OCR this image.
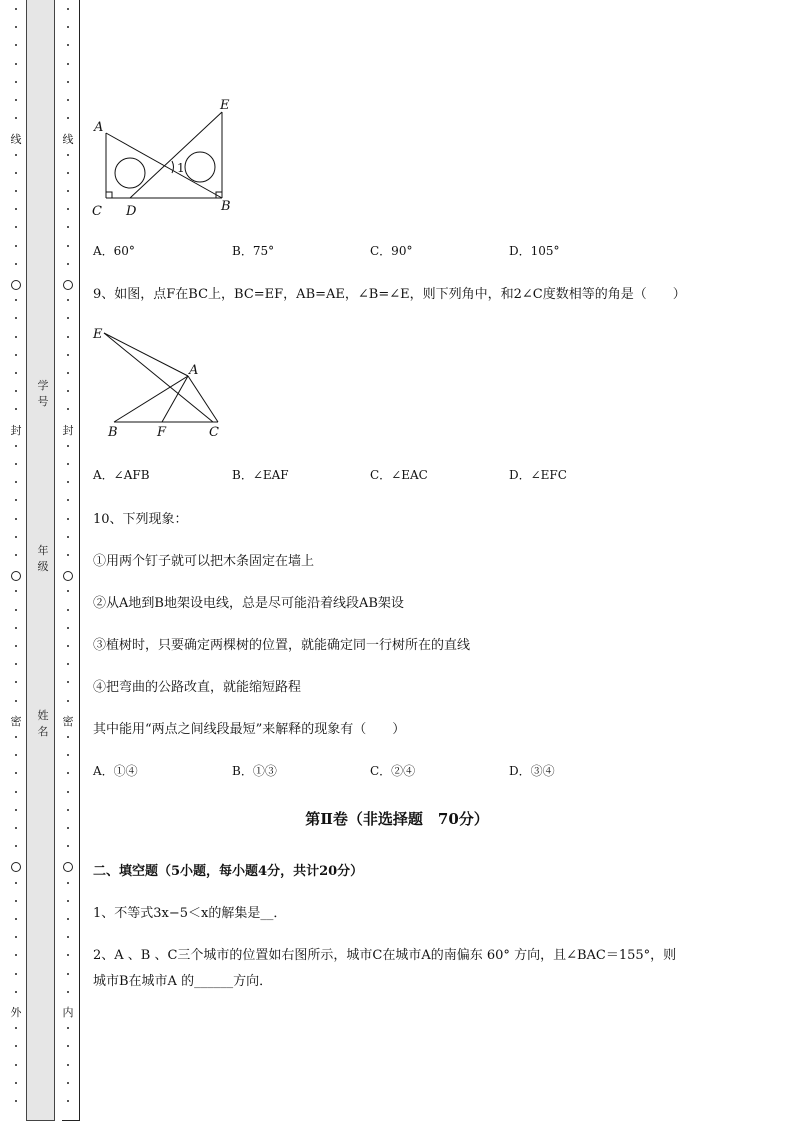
线
封
密
外
线
封
密
内
学号
年级
姓名
A
E
1
C D	B
A．60°	B．75°	C．90°	D．105°
9、如图，点F在BC上，BC=EF，AB=AE，∠B=∠E，则下列角中，和2∠C度数相等的角是（　　）
E
A
B	F	C
A．∠AFB	B．∠EAF	C．∠EAC	D．∠EFC
10、下列现象：
①用两个钉子就可以把木条固定在墙上
②从A地到B地架设电线，总是尽可能沿着线段AB架设
③植树时，只要确定两棵树的位置，就能确定同一行树所在的直线
④把弯曲的公路改直，就能缩短路程
其中能用“两点之间线段最短”来解释的现象有（　　）
A．①④	B．①③	C．②④	D．③④
第Ⅱ卷（非选择题　70分）
二、填空题（5小题，每小题4分，共计20分）
1、不等式3x−5＜x的解集是__．
2、A 、B 、C三个城市的位置如右图所示，城市C在城市A的南偏东 60° 方向，且∠BAC＝155°，则
城市B在城市A 的______方向．
